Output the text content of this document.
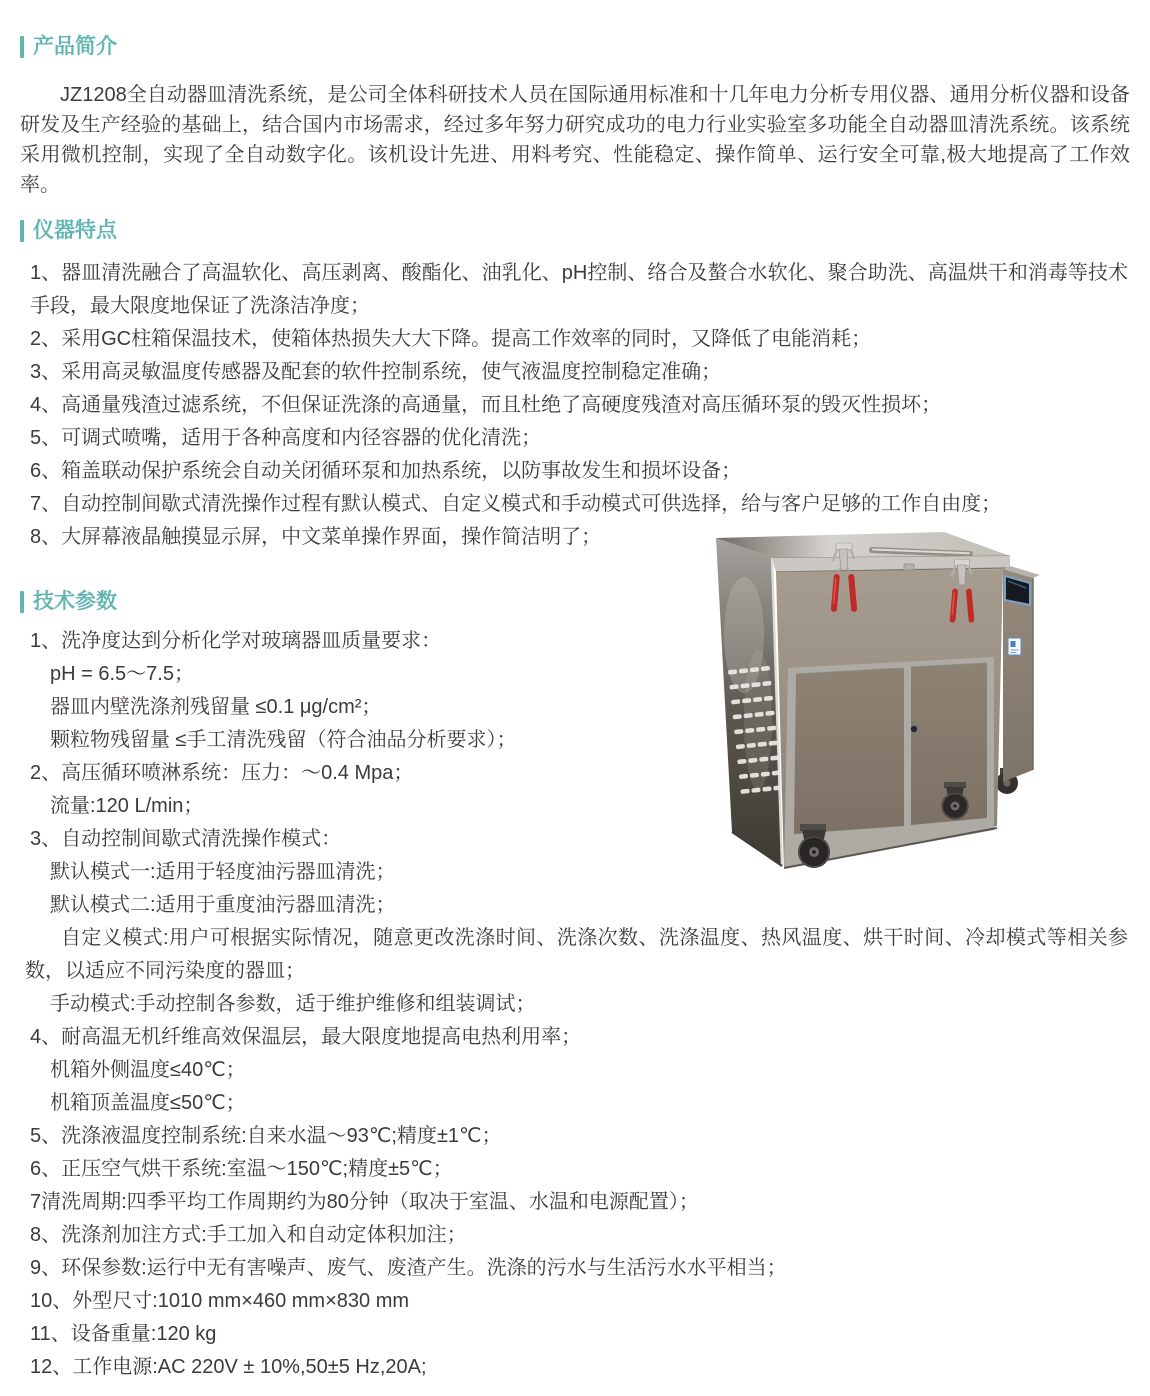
产品简介

JZ1208全自动器皿清洗系统，是公司全体科研技术人员在国际通用标准和十几年电力分析专用仪器、通用分析仪器和设备研发及生产经验的基础上，结合国内市场需求，经过多年努力研究成功的电力行业实验室多功能全自动器皿清洗系统。该系统采用微机控制，实现了全自动数字化。该机设计先进、用料考究、性能稳定、操作简单、运行安全可靠,极大地提高了工作效率。

仪器特点
1、器皿清洗融合了高温软化、高压剥离、酸酯化、油乳化、pH控制、络合及螯合水软化、聚合助洗、高温烘干和消毒等技术手段，最大限度地保证了洗涤洁净度；
2、采用GC柱箱保温技术，使箱体热损失大大下降。提高工作效率的同时，又降低了电能消耗；
3、采用高灵敏温度传感器及配套的软件控制系统，使气液温度控制稳定准确；
4、高通量残渣过滤系统，不但保证洗涤的高通量，而且杜绝了高硬度残渣对高压循环泵的毁灭性损坏；
5、可调式喷嘴，适用于各种高度和内径容器的优化清洗；
6、箱盖联动保护系统会自动关闭循环泵和加热系统，以防事故发生和损坏设备；
7、自动控制间歇式清洗操作过程有默认模式、自定义模式和手动模式可供选择，给与客户足够的工作自由度；
8、大屏幕液晶触摸显示屏，中文菜单操作界面，操作简洁明了；
技术参数
1、洗净度达到分析化学对玻璃器皿质量要求：
pH = 6.5～7.5；
器皿内壁洗涤剂残留量 ≤0.1 μg/cm²；
颗粒物残留量 ≤手工清洗残留（符合油品分析要求）；
2、高压循环喷淋系统：压力：～0.4 Mpa；
流量:120 L/min；
3、自动控制间歇式清洗操作模式：
默认模式一:适用于轻度油污器皿清洗；
默认模式二:适用于重度油污器皿清洗；
自定义模式:用户可根据实际情况，随意更改洗涤时间、洗涤次数、洗涤温度、热风温度、烘干时间、冷却模式等相关参数，以适应不同污染度的器皿；
手动模式:手动控制各参数，适于维护维修和组装调试；
4、耐高温无机纤维高效保温层，最大限度地提高电热利用率；
机箱外侧温度≤40℃；
机箱顶盖温度≤50℃；
5、洗涤液温度控制系统:自来水温～93℃;精度±1℃；
6、正压空气烘干系统:室温～150℃;精度±5℃；
7清洗周期:四季平均工作周期约为80分钟（取决于室温、水温和电源配置）；
8、洗涤剂加注方式:手工加入和自动定体积加注；
9、环保参数:运行中无有害噪声、废气、废渣产生。洗涤的污水与生活污水水平相当；
10、外型尺寸:1010 mm×460 mm×830 mm
11、设备重量:120 kg
12、工作电源:AC 220V ± 10%,50±5 Hz,20A;
